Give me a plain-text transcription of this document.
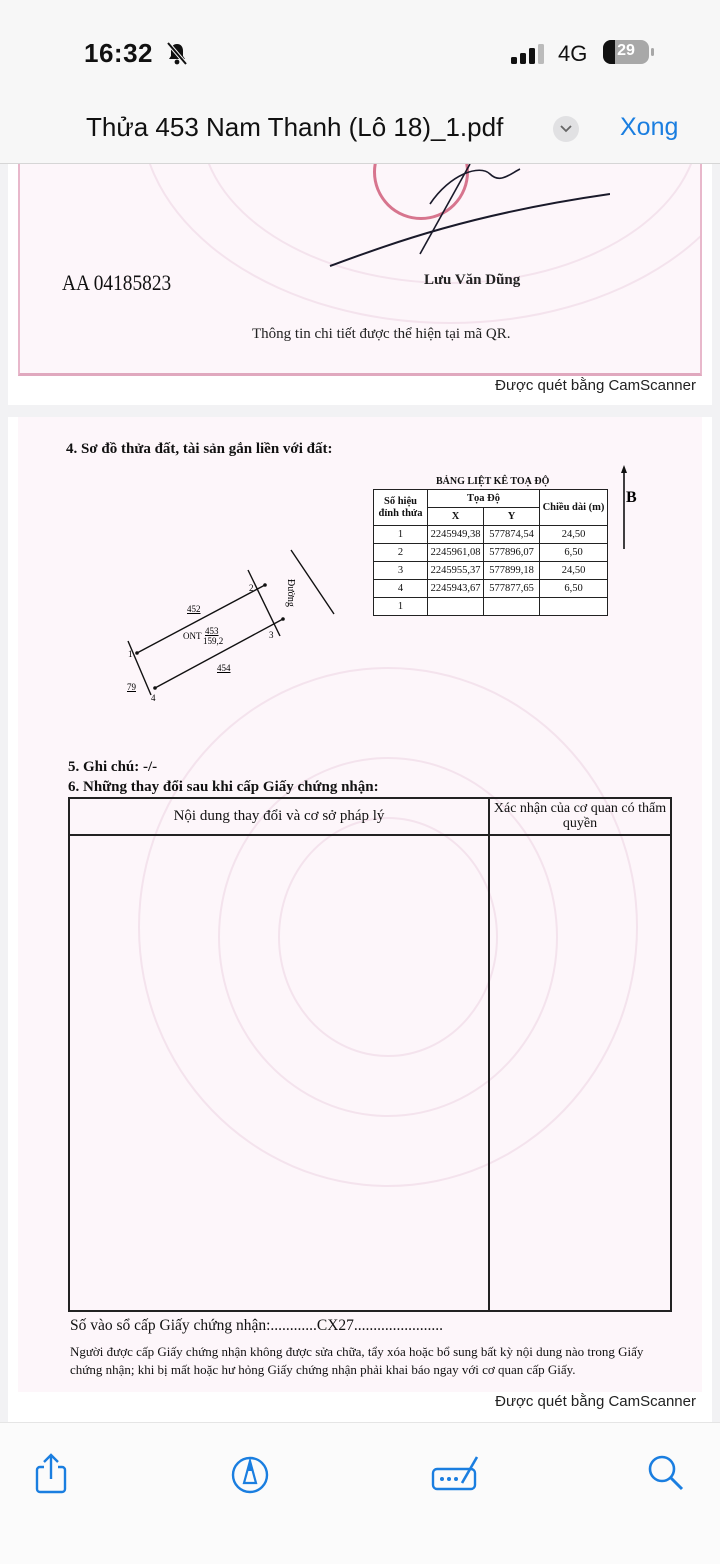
16:32	4G	29
Thửa 453 Nam Thanh (Lô 18)_1.pdf	Xong
AA 04185823	Lưu Văn Dũng
Thông tin chi tiết được thể hiện tại mã QR.
Được quét bằng CamScanner
4. Sơ đồ thửa đất, tài sản gắn liền với đất:
BẢNG LIỆT KÊ TOẠ ĐỘ
Số hiệu đỉnh thửa	Tọa Độ		Chiều dài (m)
	X	Y	
1	2245949,38	577874,54	24,50
2	2245961,08	577896,07	6,50
3	2245955,37	577899,18	24,50
4	2245943,67	577877,65	6,50
1			
B
1
2
3
4
452
454
79
Đường
ONT 453
159,2
5. Ghi chú: -/-
6. Những thay đổi sau khi cấp Giấy chứng nhận:
Nội dung thay đổi và cơ sở pháp lý	Xác nhận của cơ quan có thẩm quyền
Số vào sổ cấp Giấy chứng nhận:............CX27.......................

Người được cấp Giấy chứng nhận không được sửa chữa, tẩy xóa hoặc bổ sung bất kỳ nội dung nào trong Giấy chứng nhận; khi bị mất hoặc hư hỏng Giấy chứng nhận phải khai báo ngay với cơ quan cấp Giấy.

Được quét bằng CamScanner
